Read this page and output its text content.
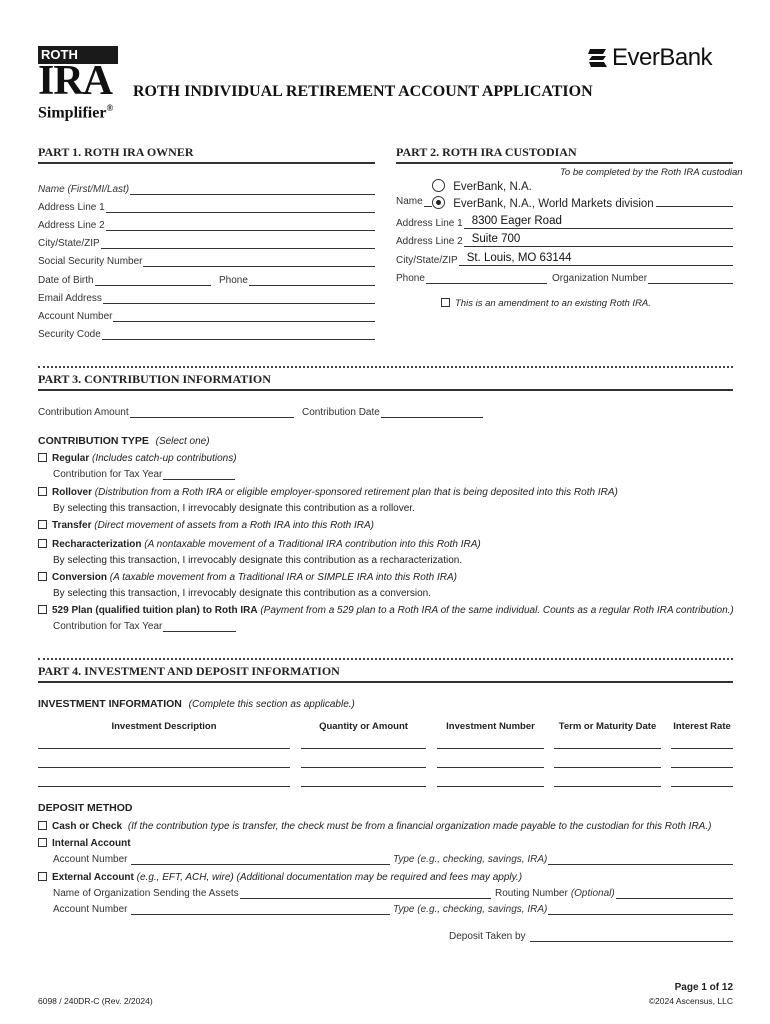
ROTH
IRA
Simplifier®
EverBank
ROTH INDIVIDUAL RETIREMENT ACCOUNT APPLICATION
PART 1. ROTH IRA OWNER	PART 2. ROTH IRA CUSTODIAN
Name (First/MI/Last)
Address Line 1
Address Line 2
City/State/ZIP
Social Security Number
Date of Birth	Phone
Email Address
Account Number
Security Code
To be completed by the Roth IRA custodian
EverBank, N.A.
Name	EverBank, N.A., World Markets division
Address Line 1 8300 Eager Road
Address Line 2 Suite 700
City/State/ZIP St. Louis, MO 63144
Phone	Organization Number
This is an amendment to an existing Roth IRA.
PART 3. CONTRIBUTION INFORMATION
Contribution Amount	Contribution Date
CONTRIBUTION TYPE (Select one)
Regular (Includes catch-up contributions)
Contribution for Tax Year
Rollover (Distribution from a Roth IRA or eligible employer-sponsored retirement plan that is being deposited into this Roth IRA)
By selecting this transaction, I irrevocably designate this contribution as a rollover.
Transfer (Direct movement of assets from a Roth IRA into this Roth IRA)
Recharacterization (A nontaxable movement of a Traditional IRA contribution into this Roth IRA)
By selecting this transaction, I irrevocably designate this contribution as a recharacterization.
Conversion (A taxable movement from a Traditional IRA or SIMPLE IRA into this Roth IRA)
By selecting this transaction, I irrevocably designate this contribution as a conversion.
529 Plan (qualified tuition plan) to Roth IRA (Payment from a 529 plan to a Roth IRA of the same individual. Counts as a regular Roth IRA contribution.)
Contribution for Tax Year
PART 4. INVESTMENT AND DEPOSIT INFORMATION
INVESTMENT INFORMATION (Complete this section as applicable.)
Investment Description	Quantity or Amount	Investment Number	Term or Maturity Date	Interest Rate
DEPOSIT METHOD
Cash or Check (If the contribution type is transfer, the check must be from a financial organization made payable to the custodian for this Roth IRA.)
Internal Account
Account Number	Type (e.g., checking, savings, IRA)
External Account (e.g., EFT, ACH, wire) (Additional documentation may be required and fees may apply.)
Name of Organization Sending the Assets	Routing Number (Optional)
Account Number	Type (e.g., checking, savings, IRA)
Deposit Taken by
6098 / 240DR-C (Rev. 2/2024)
Page 1 of 12
©2024 Ascensus, LLC
